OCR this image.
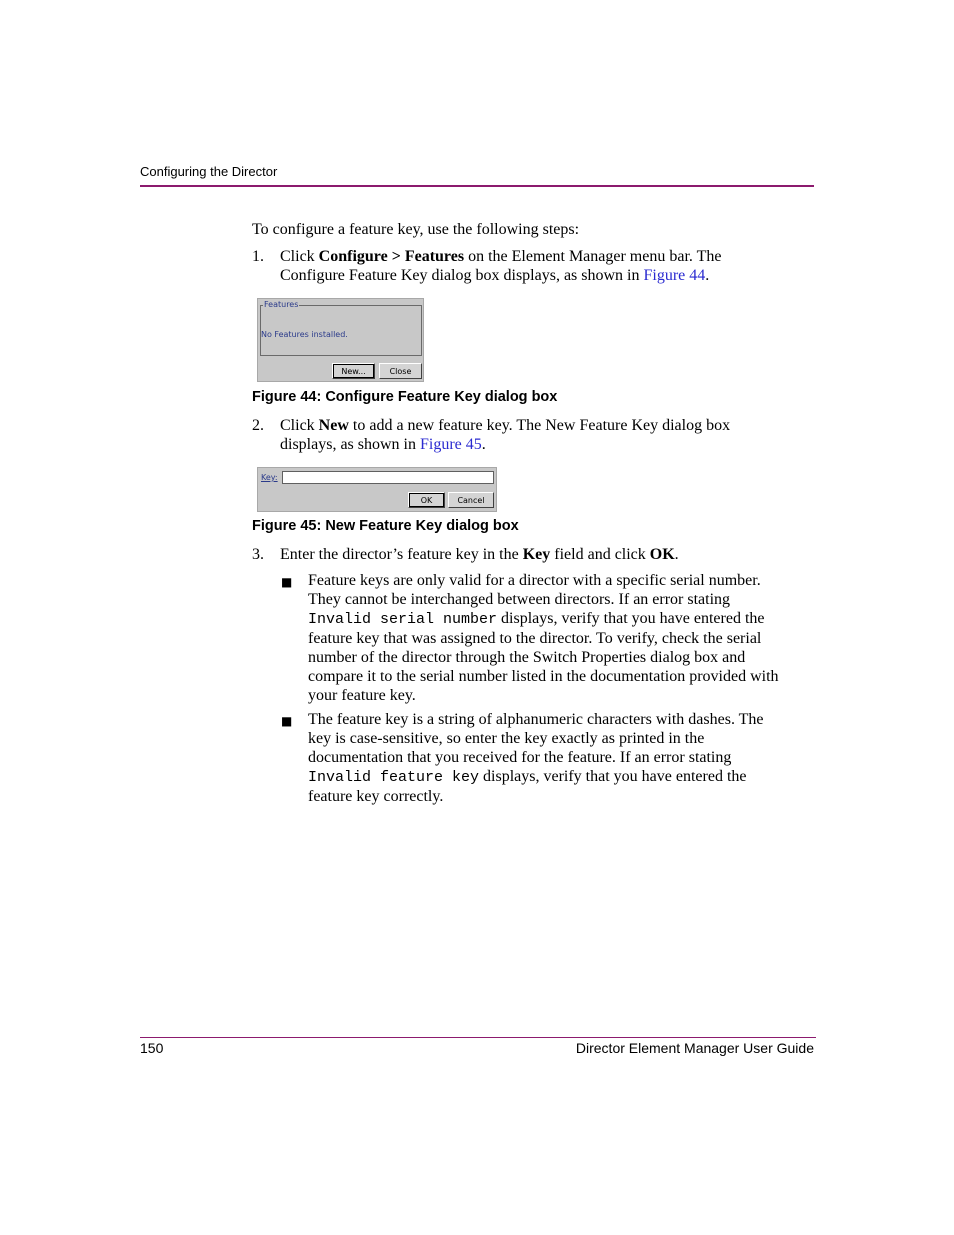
Configuring the Director
To configure a feature key, use the following steps:
1. Click Configure > Features on the Element Manager menu bar. The
Configure Feature Key dialog box displays, as shown in Figure 44.
Features
No Features installed.
New...	Close
Figure 44: Configure Feature Key dialog box
2. Click New to add a new feature key. The New Feature Key dialog box
displays, as shown in Figure 45.
Key:
OK	Cancel
Figure 45: New Feature Key dialog box
3. Enter the director’s feature key in the Key field and click OK.
■ Feature keys are only valid for a director with a specific serial number.
They cannot be interchanged between directors. If an error stating
Invalid serial number displays, verify that you have entered the
feature key that was assigned to the director. To verify, check the serial
number of the director through the Switch Properties dialog box and
compare it to the serial number listed in the documentation provided with
your feature key.
■ The feature key is a string of alphanumeric characters with dashes. The
key is case-sensitive, so enter the key exactly as printed in the
documentation that you received for the feature. If an error stating
Invalid feature key displays, verify that you have entered the
feature key correctly.
150	Director Element Manager User Guide
